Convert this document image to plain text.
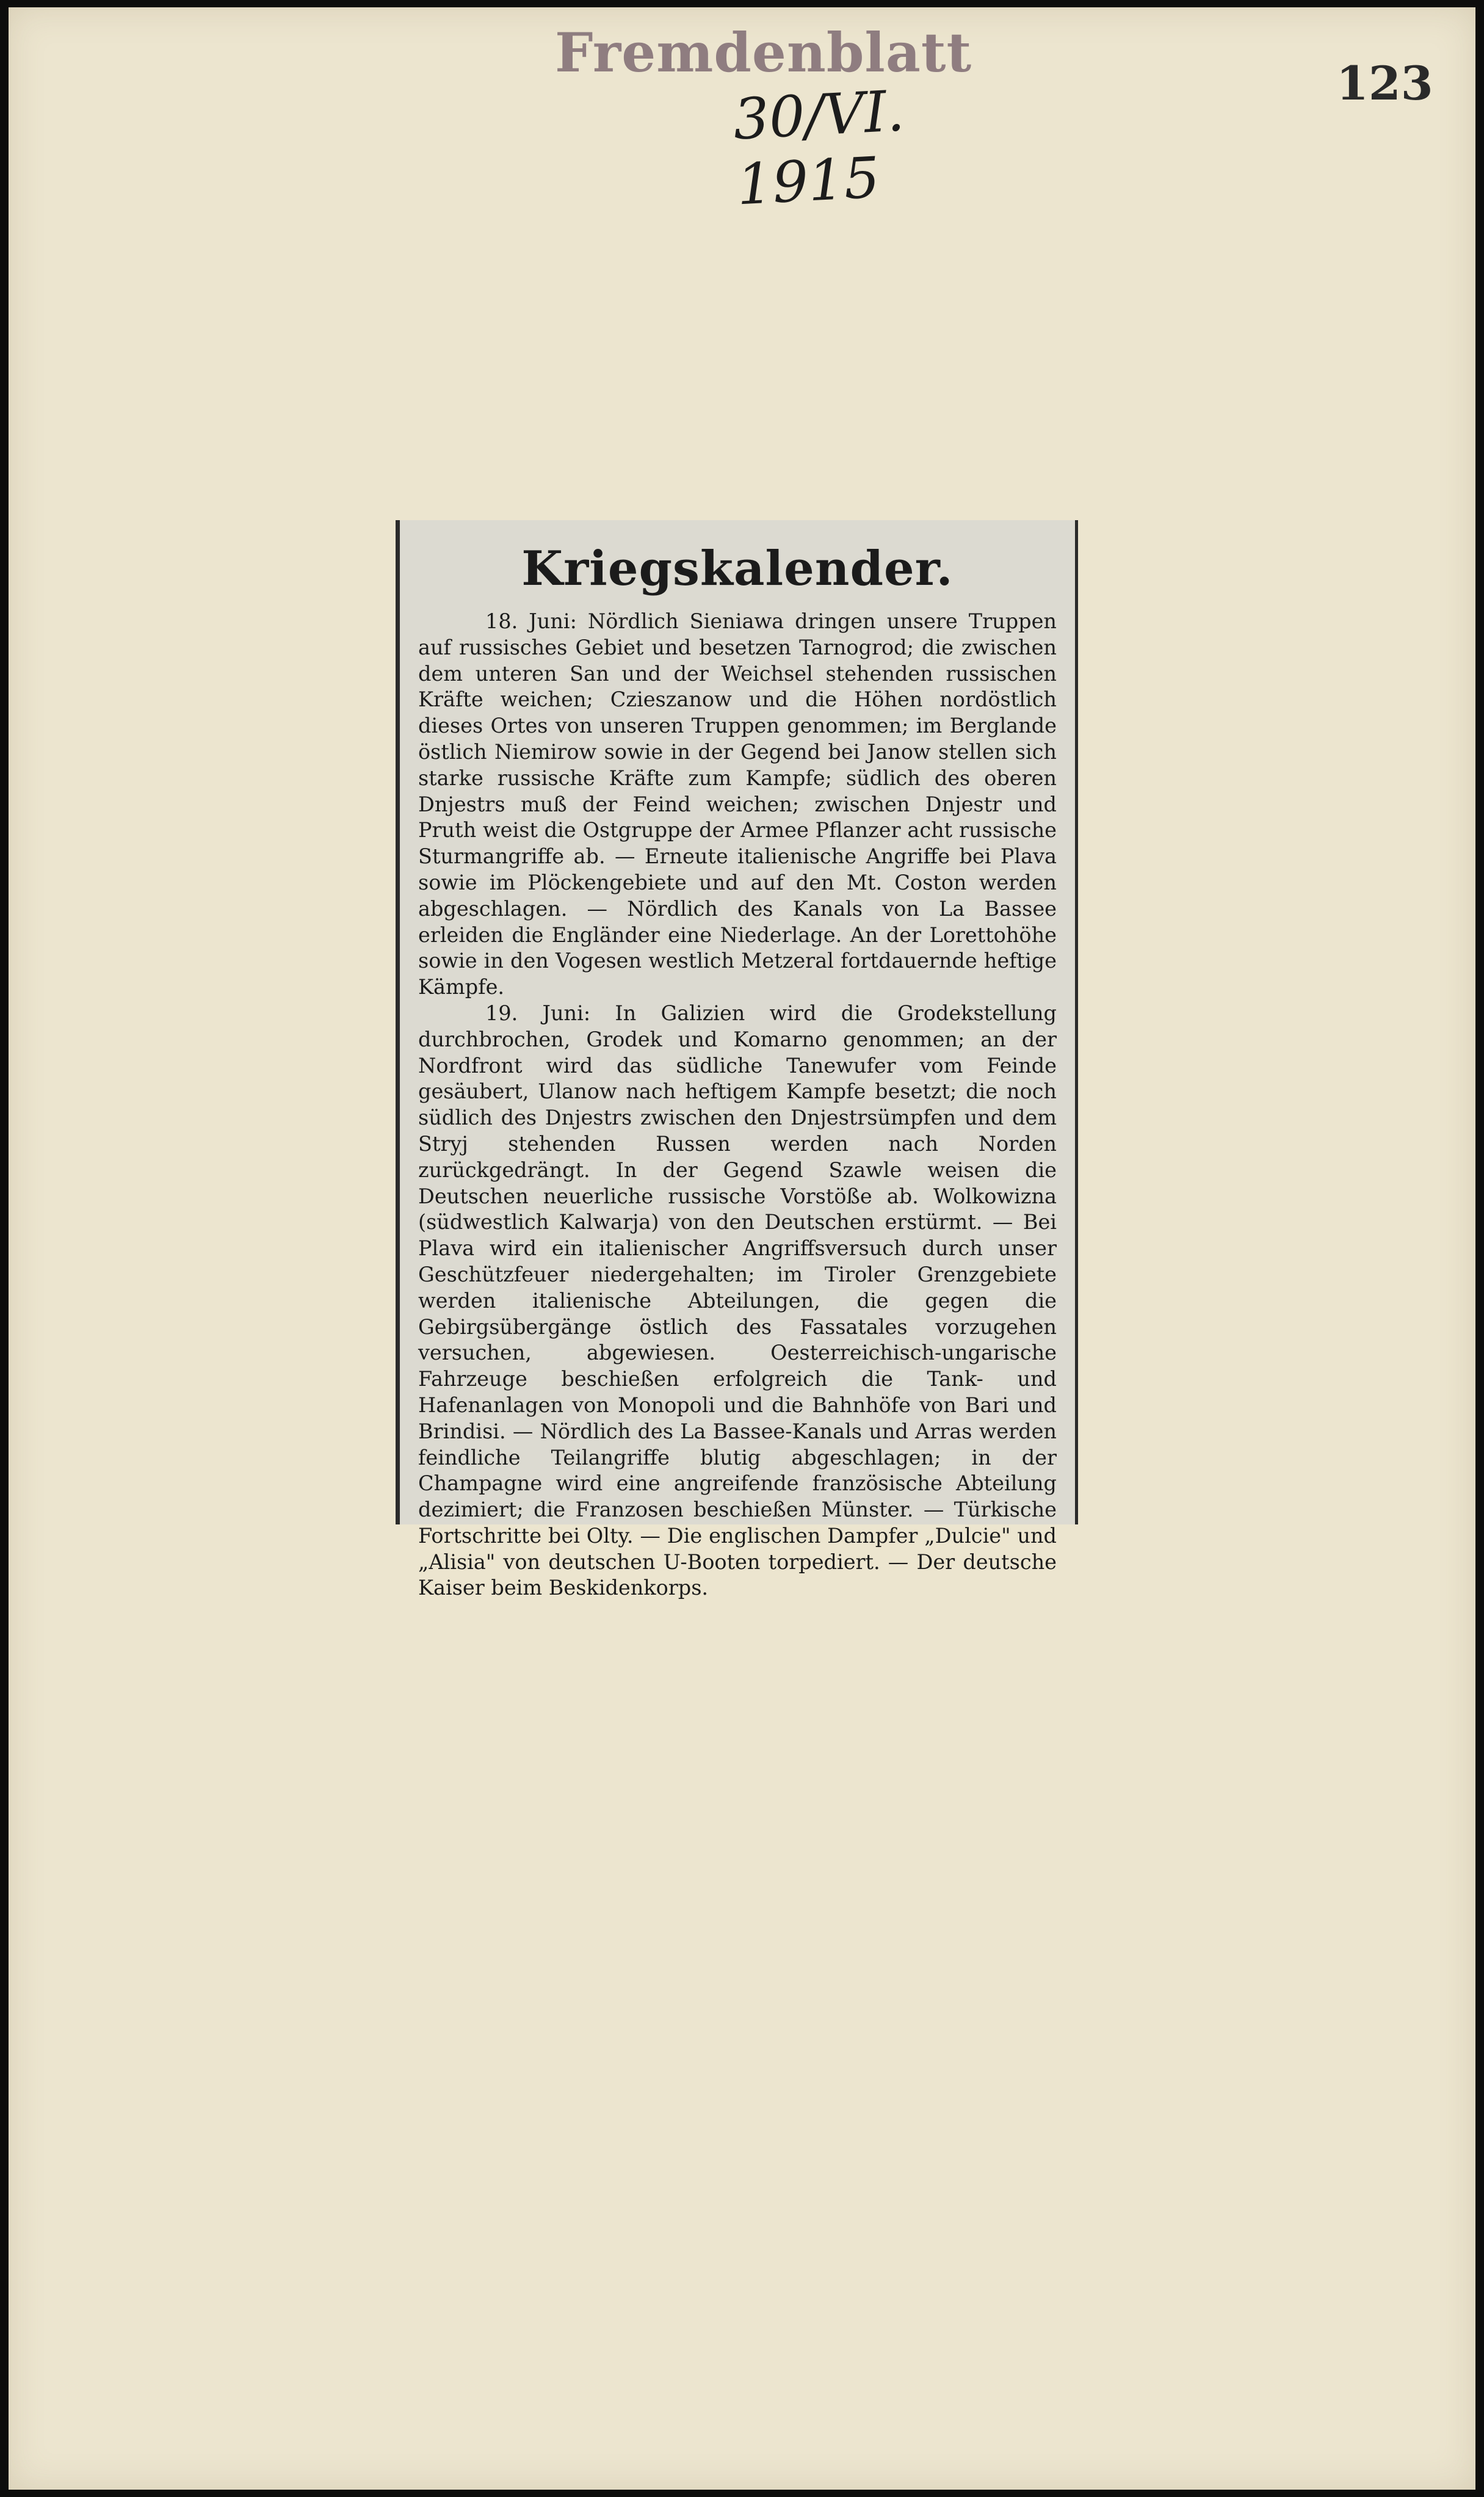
Fremdenblatt
30/VI. 1915
123
Kriegskalender.

18. Juni: Nördlich Sieniawa dringen unsere Truppen auf russisches Gebiet und besetzen Tarnogrod; die zwischen dem unteren San und der Weichsel stehenden russischen Kräfte weichen; Czieszanow und die Höhen nordöstlich dieses Ortes von unseren Truppen genommen; im Berglande östlich Niemirow sowie in der Gegend bei Janow stellen sich starke russische Kräfte zum Kampfe; südlich des oberen Dnjestrs muß der Feind weichen; zwischen Dnjestr und Pruth weist die Ostgruppe der Armee Pflanzer acht russische Sturmangriffe ab. — Erneute italienische Angriffe bei Plava sowie im Plöckengebiete und auf den Mt. Coston werden abgeschlagen. — Nördlich des Kanals von La Bassee erleiden die Engländer eine Niederlage. An der Lorettohöhe sowie in den Vogesen westlich Metzeral fortdauernde heftige Kämpfe.

19. Juni: In Galizien wird die Grodekstellung durchbrochen, Grodek und Komarno genommen; an der Nordfront wird das südliche Tanewufer vom Feinde gesäubert, Ulanow nach heftigem Kampfe besetzt; die noch südlich des Dnjestrs zwischen den Dnjestrsümpfen und dem Stryj stehenden Russen werden nach Norden zurückgedrängt. In der Gegend Szawle weisen die Deutschen neuerliche russische Vorstöße ab. Wolkowizna (südwestlich Kalwarja) von den Deutschen erstürmt. — Bei Plava wird ein italienischer Angriffsversuch durch unser Geschützfeuer niedergehalten; im Tiroler Grenzgebiete werden italienische Abteilungen, die gegen die Gebirgsübergänge östlich des Fassatales vorzugehen versuchen, abgewiesen. Oesterreichisch-ungarische Fahrzeuge beschießen erfolgreich die Tank- und Hafenanlagen von Monopoli und die Bahnhöfe von Bari und Brindisi. — Nördlich des La Bassee-Kanals und Arras werden feindliche Teilangriffe blutig abgeschlagen; in der Champagne wird eine angreifende französische Abteilung dezimiert; die Franzosen beschießen Münster. — Türkische Fortschritte bei Olty. — Die englischen Dampfer „Dulcie" und „Alisia" von deutschen U-Booten torpediert. — Der deutsche Kaiser beim Beskidenkorps.
